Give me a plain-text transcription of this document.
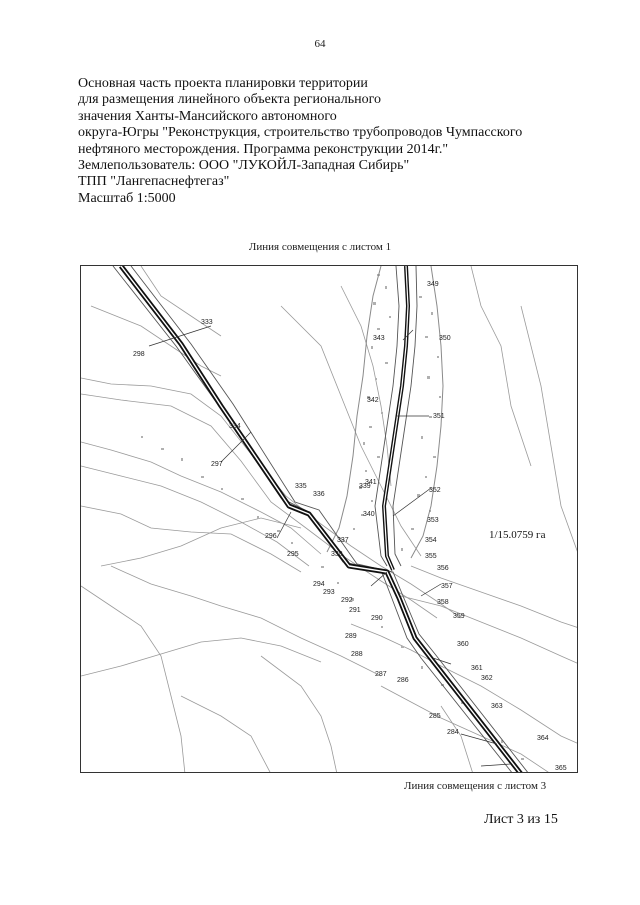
64
Основная часть проекта планировки территории
для размещения линейного объекта регионального
значения Ханты-Мансийского автономного
округа-Югры "Реконструкция, строительство трубопроводов Чумпасского
нефтяного месторождения. Программа реконструкции 2014г."
Землепользователь: ООО "ЛУКОЙЛ-Западная Сибирь"
ТПП "Лангепаснефтегаз"
Масштаб 1:5000
Линия совмещения с листом 1
333
298
334
297
335
336
296
295
337
338
294
293
292
291
290
289
288
287
286
285
284
339
340
341
342
343
349
350
351
352
353
354
355
356
357
358
359
360
361
362
363
364
365
1/15.0759 га
Линия совмещения с листом 3
Лист 3 из 15
